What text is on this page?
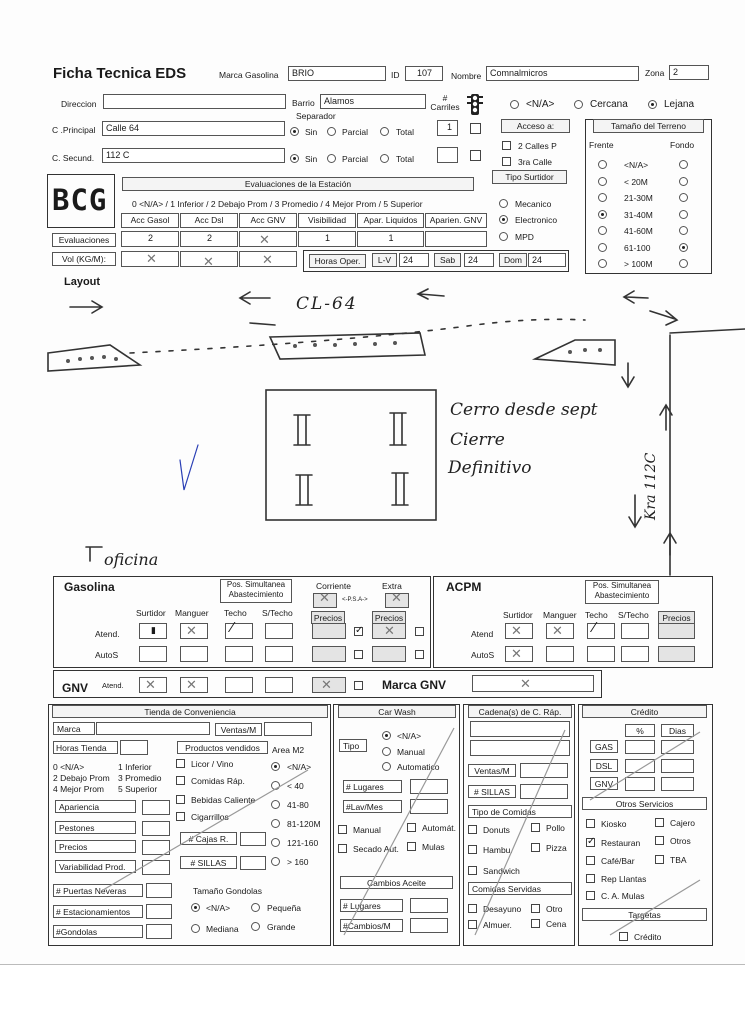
Ficha Tecnica EDS	Marca Gasolina	BRIO	ID	107 Nombre Comnalmicros	Zona 2
Direccion	Barrio	Alamos
Separador
# Carriles
C .Principal	Calle 64	Sin	Parcial	Total	1
C. Secund.	112 C	Sin	Parcial	Total
<N/A>	Cercana	Lejana
Acceso a:
2 Calles P
3ra Calle
Tipo Surtidor
Mecanico
Electronico
MPD
Tamaño del Terreno
Frente	Fondo
<N/A>
< 20M
21-30M
31-40M
41-60M
61-100
> 100M
BCG	Evaluaciones de la Estación
0 <N/A> / 1 Inferior / 2 Debajo Prom / 3 Promedio / 4 Mejor Prom / 5 Superior
Acc Gasol
2
Acc Dsl
2
Acc GNV	Visibilidad
1
Apar. Liquidos
1
Aparien. GNV
✕
Evaluaciones
Vol (KG/M):	✕	✕	✕	Horas Oper.	L-V	24	Sab	24	Dom	24
Layout
CL-64
Kra 112C
Cerro desde sept
Cierre
Definitivo
oficina
Gasolina	Pos. Simultanea Abastecimiento
Corriente	Extra
<-P.S.A->
Surtidor Manguer Techo S/Techo	Precios	Precios
Atend.
AutoS
▮ ✕ ⁄
✓	✕
✕	✕
ACPM	Pos. Simultanea Abastecimiento
Surtidor Manguer Techo S/Techo	Precios
Atend
AutoS
✕ ✕ ⁄
✕
GNV Atend. ✕ ✕	✕	Marca GNV	✕
Tienda de Conveniencia
Marca	Ventas/M
Horas Tienda	Productos vendidos	Area M2
0 <N/A>	1 Inferior
2 Debajo Prom 3 Promedio
4 Mejor Prom 5 Superior
Apariencia
Pestones
Precios
Variabilidad Prod.
Licor / Vino
Comidas Ráp.
Bebidas Caliente
Cigarrillos
<N/A>
< 40
41-80
81-120M
121-160
> 160
# Cajas R.
# SILLAS
# Puertas Neveras
# Estacionamientos
#Gondolas
Tamaño Gondolas
<N/A>	Pequeña
Mediana	Grande
Car Wash
Tipo
<N/A>
Manual
Automatico
# Lugares
#Lav/Mes
Manual	Automát.
Secado Aut.	Mulas
Cambios Aceite
# Lugares
#Cambios/M
Cadena(s) de C. Ráp.
Ventas/M
# SILLAS
Tipo de Comidas
Donuts	Pollo
Hambu.	Pizza
Sandwich
Comidas Servidas
Desayuno	Otro
Almuer.	Cena
Crédito
%	Dias
GAS
DSL
GNV
Otros Servicios
Kiosko	Cajero
✓
Restauran	Otros
Café/Bar	TBA
Rep Llantas
C. A. Mulas
Targetas
Crédito
